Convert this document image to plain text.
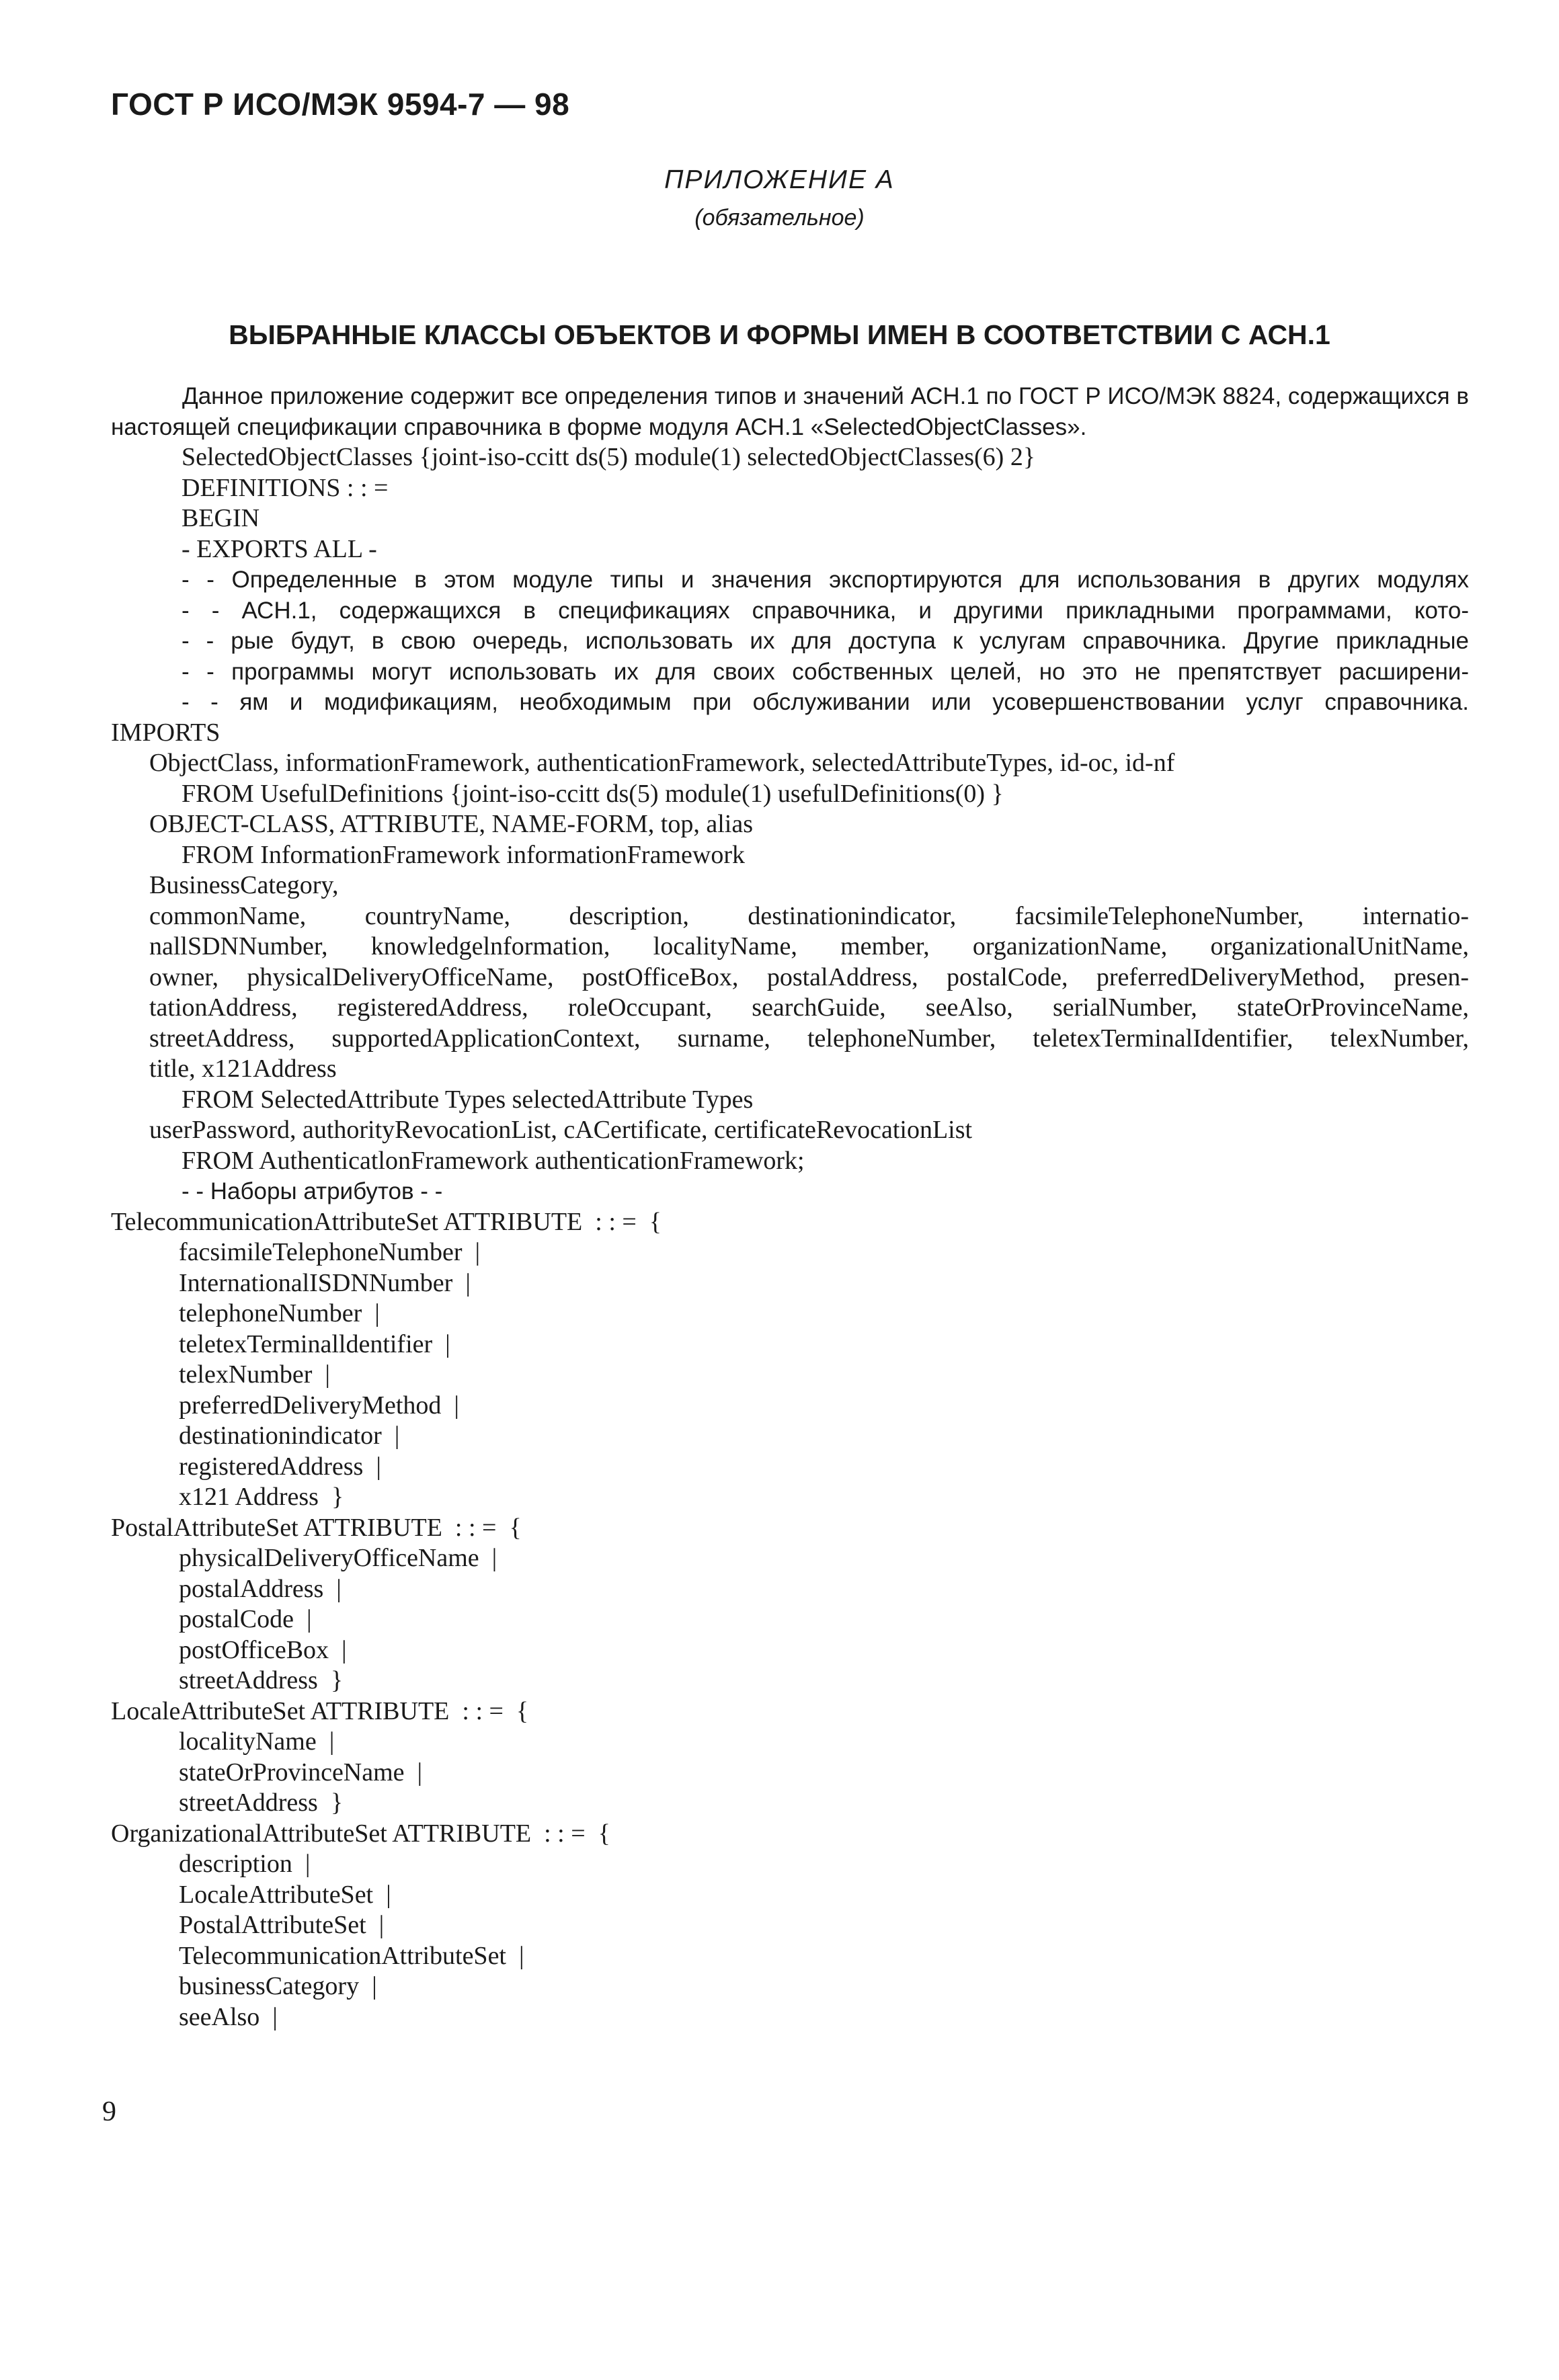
ГОСТ Р ИСО/МЭК 9594-7 — 98
ПРИЛОЖЕНИЕ А
(обязательное)
ВЫБРАННЫЕ КЛАССЫ ОБЪЕКТОВ И ФОРМЫ ИМЕН В СООТВЕТСТВИИ С АСН.1
Данное приложение содержит все определения типов и значений АСН.1 по ГОСТ Р ИСО/МЭК 8824, содержащихся в настоящей спецификации справочника в форме модуля АСН.1 «SelectedObjectClasses».
SelectedObjectClasses {joint-iso-ccitt ds(5) module(1) selectedObjectClasses(6) 2}
DEFINITIONS : : =
BEGIN
- EXPORTS ALL -
- - Определенные в этом модуле типы и значения экспортируются для использования в других модулях
- - АСН.1, содержащихся в спецификациях справочника, и другими прикладными программами, кото-
- - рые будут, в свою очередь, использовать их для доступа к услугам справочника. Другие прикладные
- - программы могут использовать их для своих собственных целей, но это не препятствует расширени-
- - ям и модификациям, необходимым при обслуживании или усовершенствовании услуг справочника.
IMPORTS
ObjectClass, informationFramework, authenticationFramework, selectedAttributeTypes, id-oc, id-nf
FROM UsefulDefinitions {joint-iso-ccitt ds(5) module(1) usefulDefinitions(0) }
OBJECT-CLASS, ATTRIBUTE, NAME-FORM, top, alias
FROM InformationFramework informationFramework
BusinessCategory,
commonName, countryName, description, destinationindicator, facsimileTelephoneNumber, internatio-
nallSDNNumber, knowledgelnformation, localityName, member, organizationName, organizationalUnitName,
owner, physicalDeliveryOfficeName, postOfficeBox, postalAddress, postalCode, preferredDeliveryMethod, presen-
tationAddress, registeredAddress, roleOccupant, searchGuide, seeAlso, serialNumber, stateOrProvinceName,
streetAddress, supportedApplicationContext, surname, telephoneNumber, teletexTerminalIdentifier, telexNumber,
title, x121Address
FROM SelectedAttribute Types selectedAttribute Types
userPassword, authorityRevocationList, cACertificate, certificateRevocationList
FROM AuthenticatlonFramework authenticationFramework;
- - Наборы атрибутов - -
TelecommunicationAttributeSet ATTRIBUTE  : : =  {
facsimileTelephoneNumber  |
InternationalISDNNumber  |
telephoneNumber  |
teletexTerminalldentifier  |
telexNumber  |
preferredDeliveryMethod  |
destinationindicator  |
registeredAddress  |
x121 Address  }
PostalAttributeSet ATTRIBUTE  : : =  {
physicalDeliveryOfficeName  |
postalAddress  |
postalCode  |
postOfficeBox  |
streetAddress  }
LocaleAttributeSet ATTRIBUTE  : : =  {
localityName  |
stateOrProvinceName  |
streetAddress  }
OrganizationalAttributeSet ATTRIBUTE  : : =  {
description  |
LocaleAttributeSet  |
PostalAttributeSet  |
TelecommunicationAttributeSet  |
businessCategory  |
seeAlso  |
9
